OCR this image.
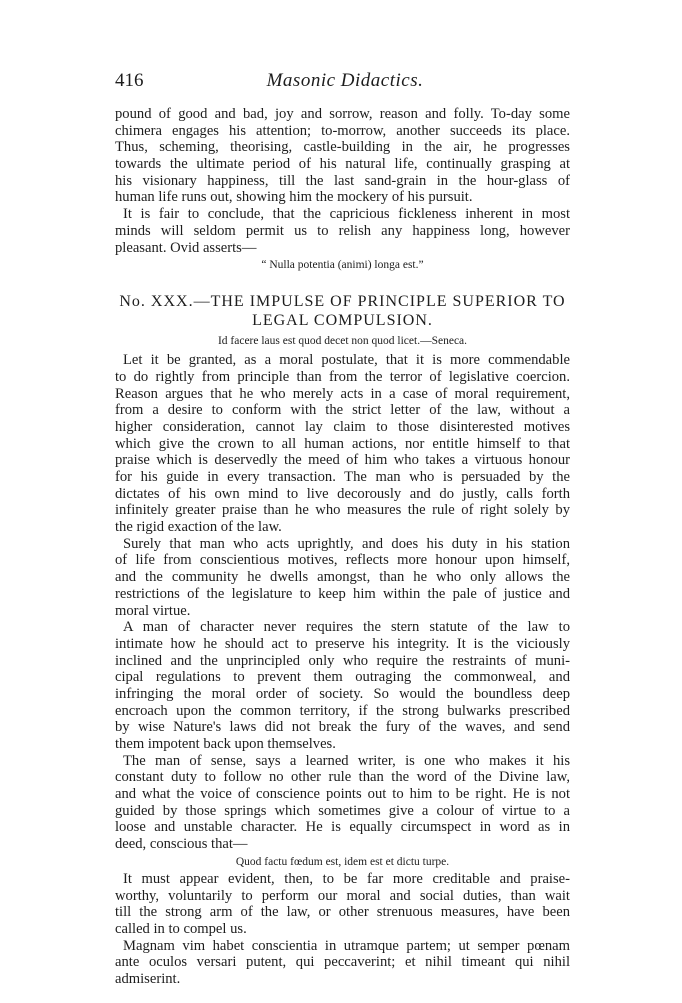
416	Masonic Didactics.
pound of good and bad, joy and sorrow, reason and folly. To-day some
chimera engages his attention; to-morrow, another succeeds its place.
Thus, scheming, theorising, castle-building in the air, he progresses
towards the ultimate period of his natural life, continually grasping at
his visionary happiness, till the last sand-grain in the hour-glass of
human life runs out, showing him the mockery of his pursuit.
It is fair to conclude, that the capricious fickleness inherent in most
minds will seldom permit us to relish any happiness long, however
pleasant. Ovid asserts—
“ Nulla potentia (animi) longa est.”
No. XXX.—THE IMPULSE OF PRINCIPLE SUPERIOR TO
LEGAL COMPULSION.
Id facere laus est quod decet non quod licet.—Seneca.
Let it be granted, as a moral postulate, that it is more commendable
to do rightly from principle than from the terror of legislative coercion.
Reason argues that he who merely acts in a case of moral requirement,
from a desire to conform with the strict letter of the law, without a
higher consideration, cannot lay claim to those disinterested motives
which give the crown to all human actions, nor entitle himself to that
praise which is deservedly the meed of him who takes a virtuous honour
for his guide in every transaction. The man who is persuaded by the
dictates of his own mind to live decorously and do justly, calls forth
infinitely greater praise than he who measures the rule of right solely by
the rigid exaction of the law.
Surely that man who acts uprightly, and does his duty in his station
of life from conscientious motives, reflects more honour upon himself,
and the community he dwells amongst, than he who only allows the
restrictions of the legislature to keep him within the pale of justice and
moral virtue.
A man of character never requires the stern statute of the law to
intimate how he should act to preserve his integrity. It is the viciously
inclined and the unprincipled only who require the restraints of muni-
cipal regulations to prevent them outraging the commonweal, and
infringing the moral order of society. So would the boundless deep
encroach upon the common territory, if the strong bulwarks prescribed
by wise Nature's laws did not break the fury of the waves, and send
them impotent back upon themselves.
The man of sense, says a learned writer, is one who makes it his
constant duty to follow no other rule than the word of the Divine law,
and what the voice of conscience points out to him to be right. He is not
guided by those springs which sometimes give a colour of virtue to a
loose and unstable character. He is equally circumspect in word as in
deed, conscious that—
Quod factu fœdum est, idem est et dictu turpe.
It must appear evident, then, to be far more creditable and praise-
worthy, voluntarily to perform our moral and social duties, than wait
till the strong arm of the law, or other strenuous measures, have been
called in to compel us.
Magnam vim habet conscientia in utramque partem; ut semper pœnam
ante oculos versari putent, qui peccaverint; et nihil timeant qui nihil
admiserint.
